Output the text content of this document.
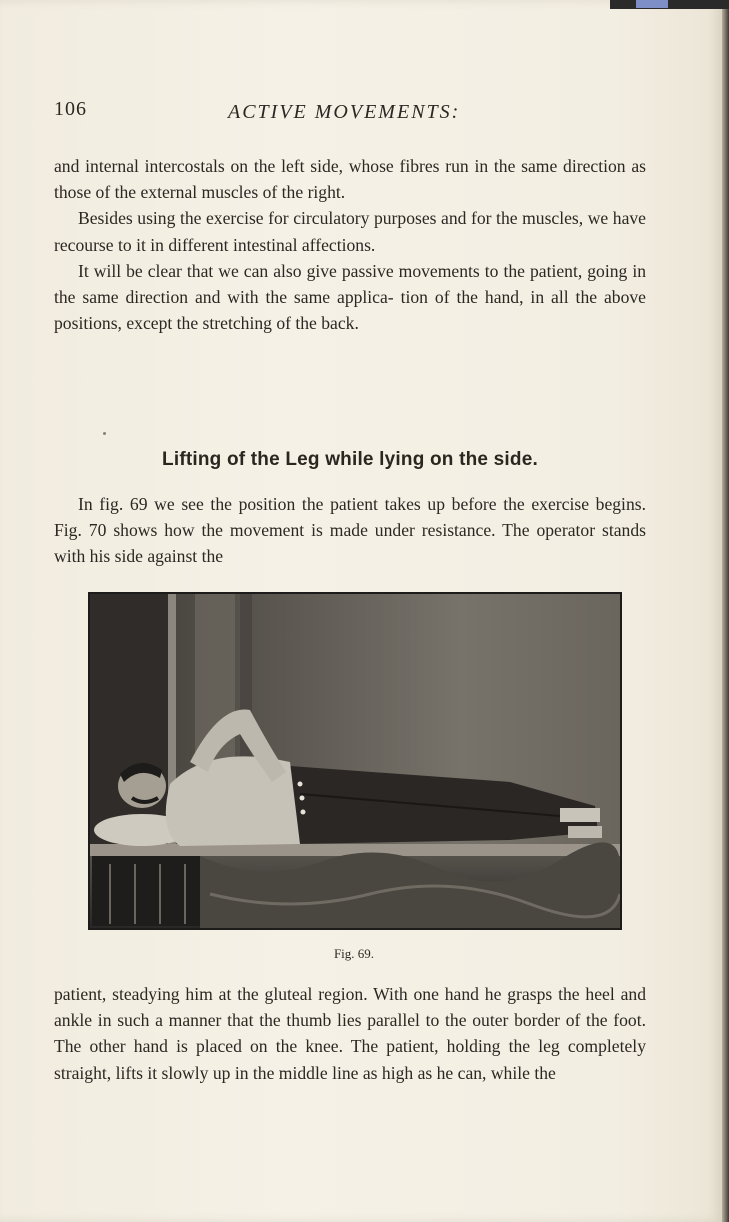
106	ACTIVE MOVEMENTS:

and internal intercostals on the left side, whose fibres run in the same direction as those of the external muscles of the right.

Besides using the exercise for circulatory purposes and for the muscles, we have recourse to it in different intestinal affections.

It will be clear that we can also give passive movements to the patient, going in the same direction and with the same applica- tion of the hand, in all the above positions, except the stretching of the back.

Lifting of the Leg while lying on the side.

In fig. 69 we see the position the patient takes up before the exercise begins. Fig. 70 shows how the movement is made under resistance. The operator stands with his side against the

Fig. 69.

patient, steadying him at the gluteal region. With one hand he grasps the heel and ankle in such a manner that the thumb lies parallel to the outer border of the foot. The other hand is placed on the knee. The patient, holding the leg completely straight, lifts it slowly up in the middle line as high as he can, while the
